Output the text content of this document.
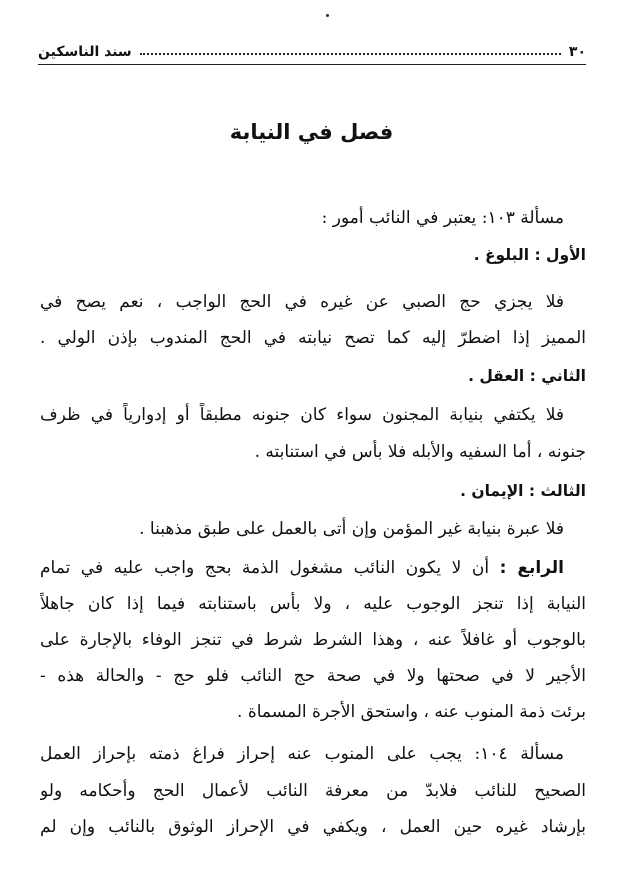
٣٠
سند الناسكين
فصل في النيابة
مسألة ١٠٣: يعتبر في النائب أمور :
الأول : البلوغ .
فلا يجزي حج الصبي عن غيره في الحج الواجب ، نعم يصح في
المميز إذا اضطرّ إليه كما تصح نيابته في الحج المندوب بإذن الولي .
الثاني : العقل .
فلا يكتفي بنيابة المجنون سواء كان جنونه مطبقاً أو إدوارياً في ظرف
جنونه ، أما السفيه والأبله فلا بأس في استنابته .
الثالث : الإيمان .
فلا عبرة بنيابة غير المؤمن وإن أتى بالعمل على طبق مذهبنا .
الرابع : أن لا يكون النائب مشغول الذمة بحج واجب عليه في تمام
النيابة إذا تنجز الوجوب عليه ، ولا بأس باستنابته فيما إذا كان جاهلاً
بالوجوب أو غافلاً عنه ، وهذا الشرط شرط في تنجز الوفاء بالإجارة على
الأجير لا في صحتها ولا في صحة حج النائب فلو حج - والحالة هذه -
برئت ذمة المنوب عنه ، واستحق الأجرة المسماة .
مسألة ١٠٤: يجب على المنوب عنه إحراز فراغ ذمته بإحراز العمل
الصحيح للنائب فلابدّ من معرفة النائب لأعمال الحج وأحكامه ولو
بإرشاد غيره حين العمل ، ويكفي في الإحراز الوثوق بالنائب وإن لم
